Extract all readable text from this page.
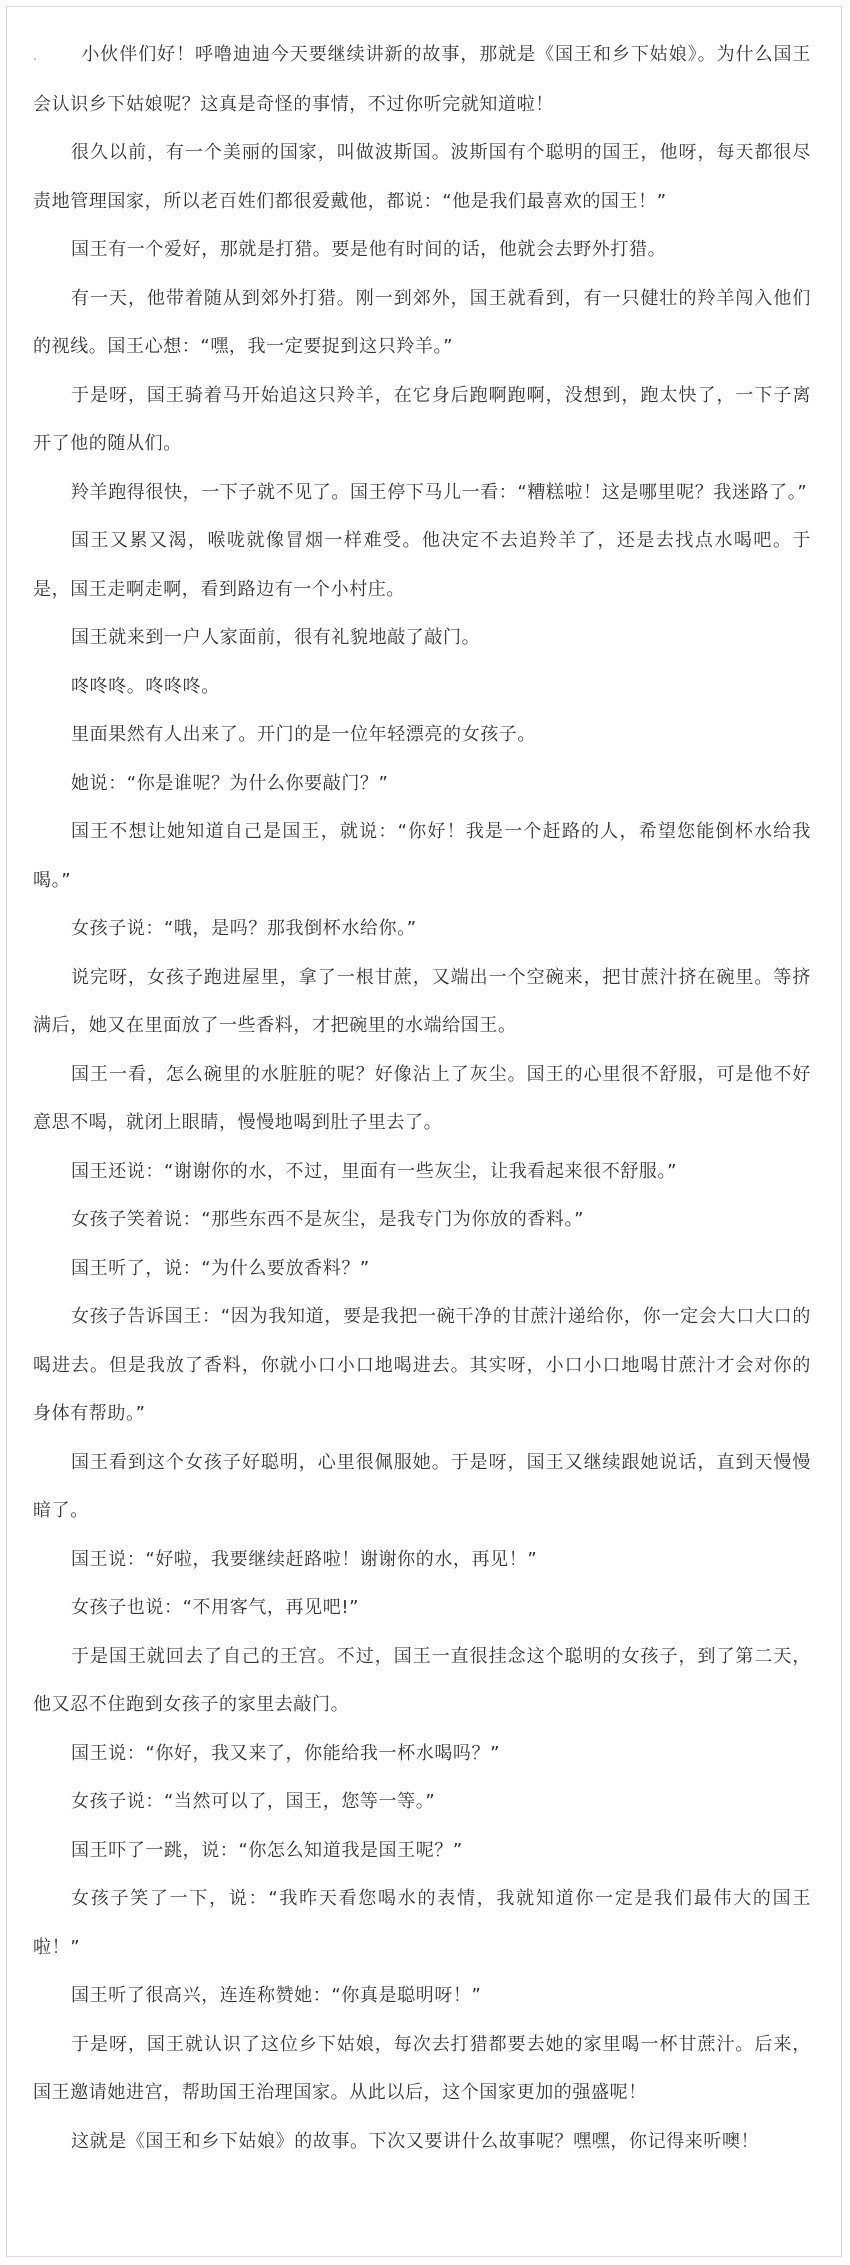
. 小伙伴们好！呼噜迪迪今天要继续讲新的故事，那就是《国王和乡下姑娘》。为什么国王会认识乡下姑娘呢？这真是奇怪的事情，不过你听完就知道啦！

很久以前，有一个美丽的国家，叫做波斯国。波斯国有个聪明的国王，他呀，每天都很尽责地管理国家，所以老百姓们都很爱戴他，都说：“他是我们最喜欢的国王！”

国王有一个爱好，那就是打猎。要是他有时间的话，他就会去野外打猎。

有一天，他带着随从到郊外打猎。刚一到郊外，国王就看到，有一只健壮的羚羊闯入他们的视线。国王心想：“嘿，我一定要捉到这只羚羊。”

于是呀，国王骑着马开始追这只羚羊，在它身后跑啊跑啊，没想到，跑太快了，一下子离开了他的随从们。

羚羊跑得很快，一下子就不见了。国王停下马儿一看：“糟糕啦！这是哪里呢？我迷路了。”

国王又累又渴，喉咙就像冒烟一样难受。他决定不去追羚羊了，还是去找点水喝吧。于是，国王走啊走啊，看到路边有一个小村庄。

国王就来到一户人家面前，很有礼貌地敲了敲门。

咚咚咚。咚咚咚。

里面果然有人出来了。开门的是一位年轻漂亮的女孩子。

她说：“你是谁呢？为什么你要敲门？”

国王不想让她知道自己是国王，就说：“你好！我是一个赶路的人，希望您能倒杯水给我喝。”

女孩子说：“哦，是吗？那我倒杯水给你。”

说完呀，女孩子跑进屋里，拿了一根甘蔗，又端出一个空碗来，把甘蔗汁挤在碗里。等挤满后，她又在里面放了一些香料，才把碗里的水端给国王。

国王一看，怎么碗里的水脏脏的呢？好像沾上了灰尘。国王的心里很不舒服，可是他不好意思不喝，就闭上眼睛，慢慢地喝到肚子里去了。

国王还说：“谢谢你的水，不过，里面有一些灰尘，让我看起来很不舒服。”

女孩子笑着说：“那些东西不是灰尘，是我专门为你放的香料。”

国王听了，说：“为什么要放香料？”

女孩子告诉国王：“因为我知道，要是我把一碗干净的甘蔗汁递给你，你一定会大口大口的喝进去。但是我放了香料，你就小口小口地喝进去。其实呀，小口小口地喝甘蔗汁才会对你的身体有帮助。”

国王看到这个女孩子好聪明，心里很佩服她。于是呀，国王又继续跟她说话，直到天慢慢暗了。

国王说：“好啦，我要继续赶路啦！谢谢你的水，再见！”

女孩子也说：“不用客气，再见吧!”

于是国王就回去了自己的王宫。不过，国王一直很挂念这个聪明的女孩子，到了第二天，他又忍不住跑到女孩子的家里去敲门。

国王说：“你好，我又来了，你能给我一杯水喝吗？”

女孩子说：“当然可以了，国王，您等一等。”

国王吓了一跳，说：“你怎么知道我是国王呢？”

女孩子笑了一下，说：“我昨天看您喝水的表情，我就知道你一定是我们最伟大的国王啦！”

国王听了很高兴，连连称赞她：“你真是聪明呀！”

于是呀，国王就认识了这位乡下姑娘，每次去打猎都要去她的家里喝一杯甘蔗汁。后来，国王邀请她进宫，帮助国王治理国家。从此以后，这个国家更加的强盛呢！

这就是《国王和乡下姑娘》的故事。下次又要讲什么故事呢？嘿嘿，你记得来听噢！
